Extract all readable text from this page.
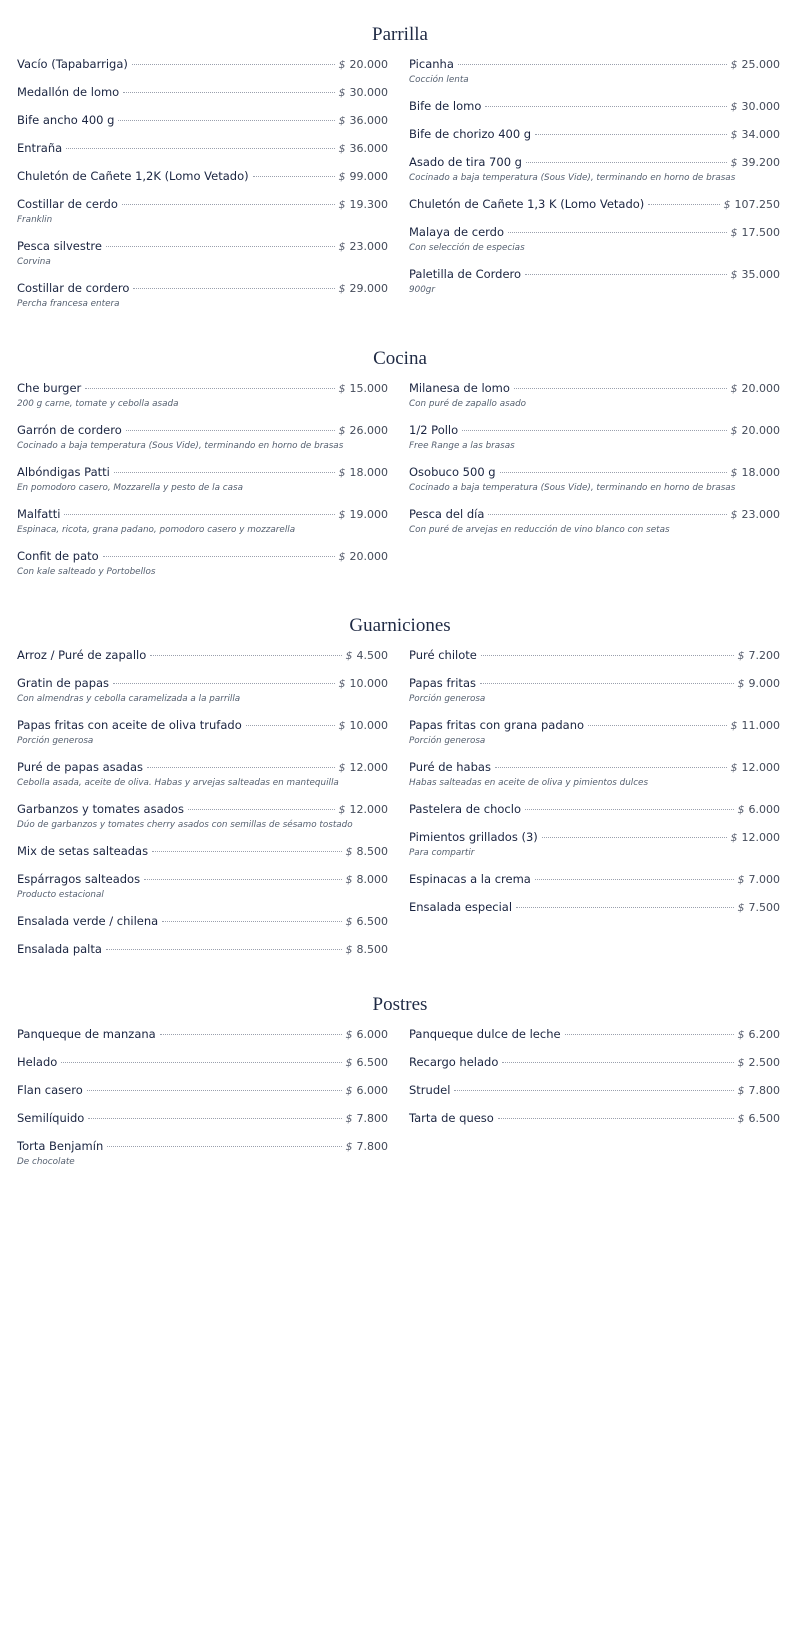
Parrilla
Vacío (Tapabarriga)	$ 20.000
Medallón de lomo	$ 30.000
Bife ancho 400 g	$ 36.000
Entraña	$ 36.000
Chuletón de Cañete 1,2K (Lomo Vetado)	$ 99.000
Costillar de cerdo	$ 19.300
Franklin
Pesca silvestre	$ 23.000
Corvina
Costillar de cordero	$ 29.000
Percha francesa entera
Picanha	$ 25.000
Cocción lenta
Bife de lomo	$ 30.000
Bife de chorizo 400 g	$ 34.000
Asado de tira 700 g	$ 39.200
Cocinado a baja temperatura (Sous Vide), terminando en horno de brasas
Chuletón de Cañete 1,3 K (Lomo Vetado)	$ 107.250
Malaya de cerdo	$ 17.500
Con selección de especias
Paletilla de Cordero	$ 35.000
900gr
Cocina
Che burger	$ 15.000
200 g carne, tomate y cebolla asada
Garrón de cordero	$ 26.000
Cocinado a baja temperatura (Sous Vide), terminando en horno de brasas
Albóndigas Patti	$ 18.000
En pomodoro casero, Mozzarella y pesto de la casa
Malfatti	$ 19.000
Espinaca, ricota, grana padano, pomodoro casero y mozzarella
Confit de pato	$ 20.000
Con kale salteado y Portobellos
Milanesa de lomo	$ 20.000
Con puré de zapallo asado
1/2 Pollo	$ 20.000
Free Range a las brasas
Osobuco 500 g	$ 18.000
Cocinado a baja temperatura (Sous Vide), terminando en horno de brasas
Pesca del día	$ 23.000
Con puré de arvejas en reducción de vino blanco con setas
Guarniciones
Arroz / Puré de zapallo	$ 4.500
Gratin de papas	$ 10.000
Con almendras y cebolla caramelizada a la parrilla
Papas fritas con aceite de oliva trufado	$ 10.000
Porción generosa
Puré de papas asadas	$ 12.000
Cebolla asada, aceite de oliva. Habas y arvejas salteadas en mantequilla
Garbanzos y tomates asados	$ 12.000
Dúo de garbanzos y tomates cherry asados con semillas de sésamo tostado
Mix de setas salteadas	$ 8.500
Espárragos salteados	$ 8.000
Producto estacional
Ensalada verde / chilena	$ 6.500
Ensalada palta	$ 8.500
Puré chilote	$ 7.200
Papas fritas	$ 9.000
Porción generosa
Papas fritas con grana padano	$ 11.000
Porción generosa
Puré de habas	$ 12.000
Habas salteadas en aceite de oliva y pimientos dulces
Pastelera de choclo	$ 6.000
Pimientos grillados (3)	$ 12.000
Para compartir
Espinacas a la crema	$ 7.000
Ensalada especial	$ 7.500
Postres
Panqueque de manzana	$ 6.000
Helado	$ 6.500
Flan casero	$ 6.000
Semilíquido	$ 7.800
Torta Benjamín	$ 7.800
De chocolate
Panqueque dulce de leche	$ 6.200
Recargo helado	$ 2.500
Strudel	$ 7.800
Tarta de queso	$ 6.500
